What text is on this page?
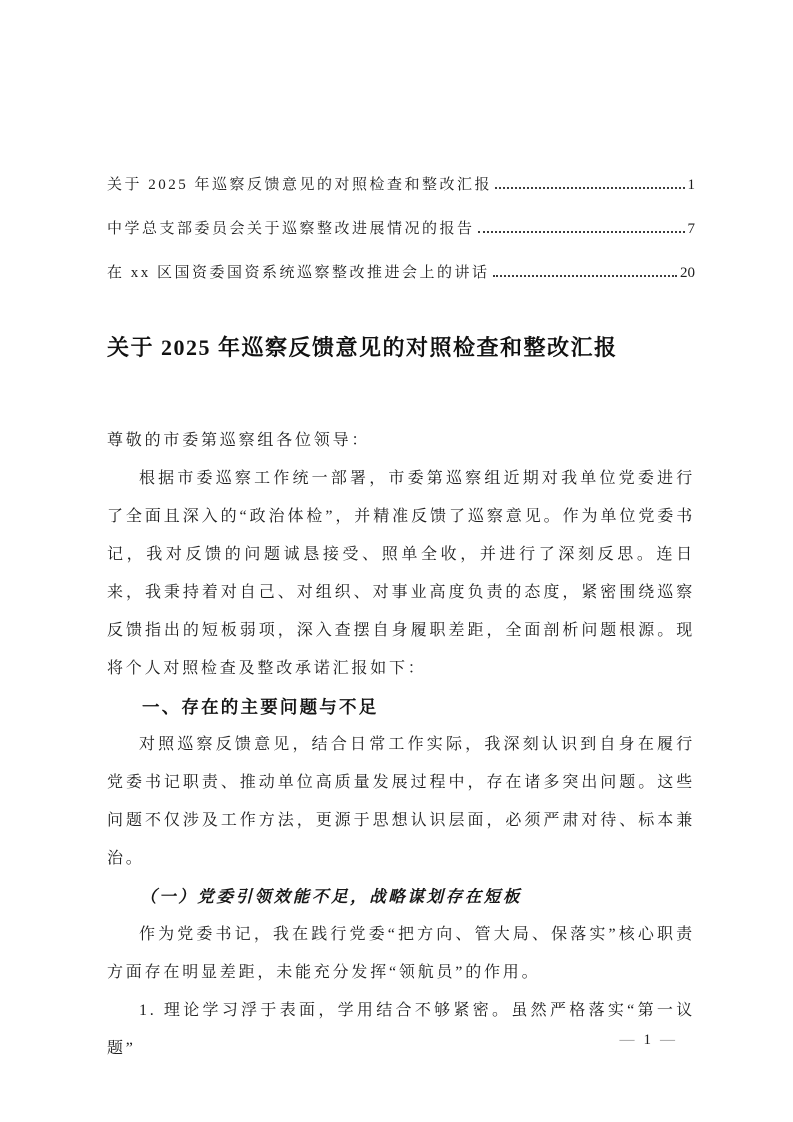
关于 2025 年巡察反馈意见的对照检查和整改汇报	1
中学总支部委员会关于巡察整改进展情况的报告	7
在 xx 区国资委国资系统巡察整改推进会上的讲话	20
关于 2025 年巡察反馈意见的对照检查和整改汇报

尊敬的市委第巡察组各位领导：

根据市委巡察工作统一部署，市委第巡察组近期对我单位党委进行了全面且深入的“政治体检”，并精准反馈了巡察意见。作为单位党委书记，我对反馈的问题诚恳接受、照单全收，并进行了深刻反思。连日来，我秉持着对自己、对组织、对事业高度负责的态度，紧密围绕巡察反馈指出的短板弱项，深入查摆自身履职差距，全面剖析问题根源。现将个人对照检查及整改承诺汇报如下：

一、存在的主要问题与不足

对照巡察反馈意见，结合日常工作实际，我深刻认识到自身在履行党委书记职责、推动单位高质量发展过程中，存在诸多突出问题。这些问题不仅涉及工作方法，更源于思想认识层面，必须严肃对待、标本兼治。

（一）党委引领效能不足，战略谋划存在短板

作为党委书记，我在践行党委“把方向、管大局、保落实”核心职责方面存在明显差距，未能充分发挥“领航员”的作用。

1. 理论学习浮于表面，学用结合不够紧密。虽然严格落实“第一议题”	— 1 —
